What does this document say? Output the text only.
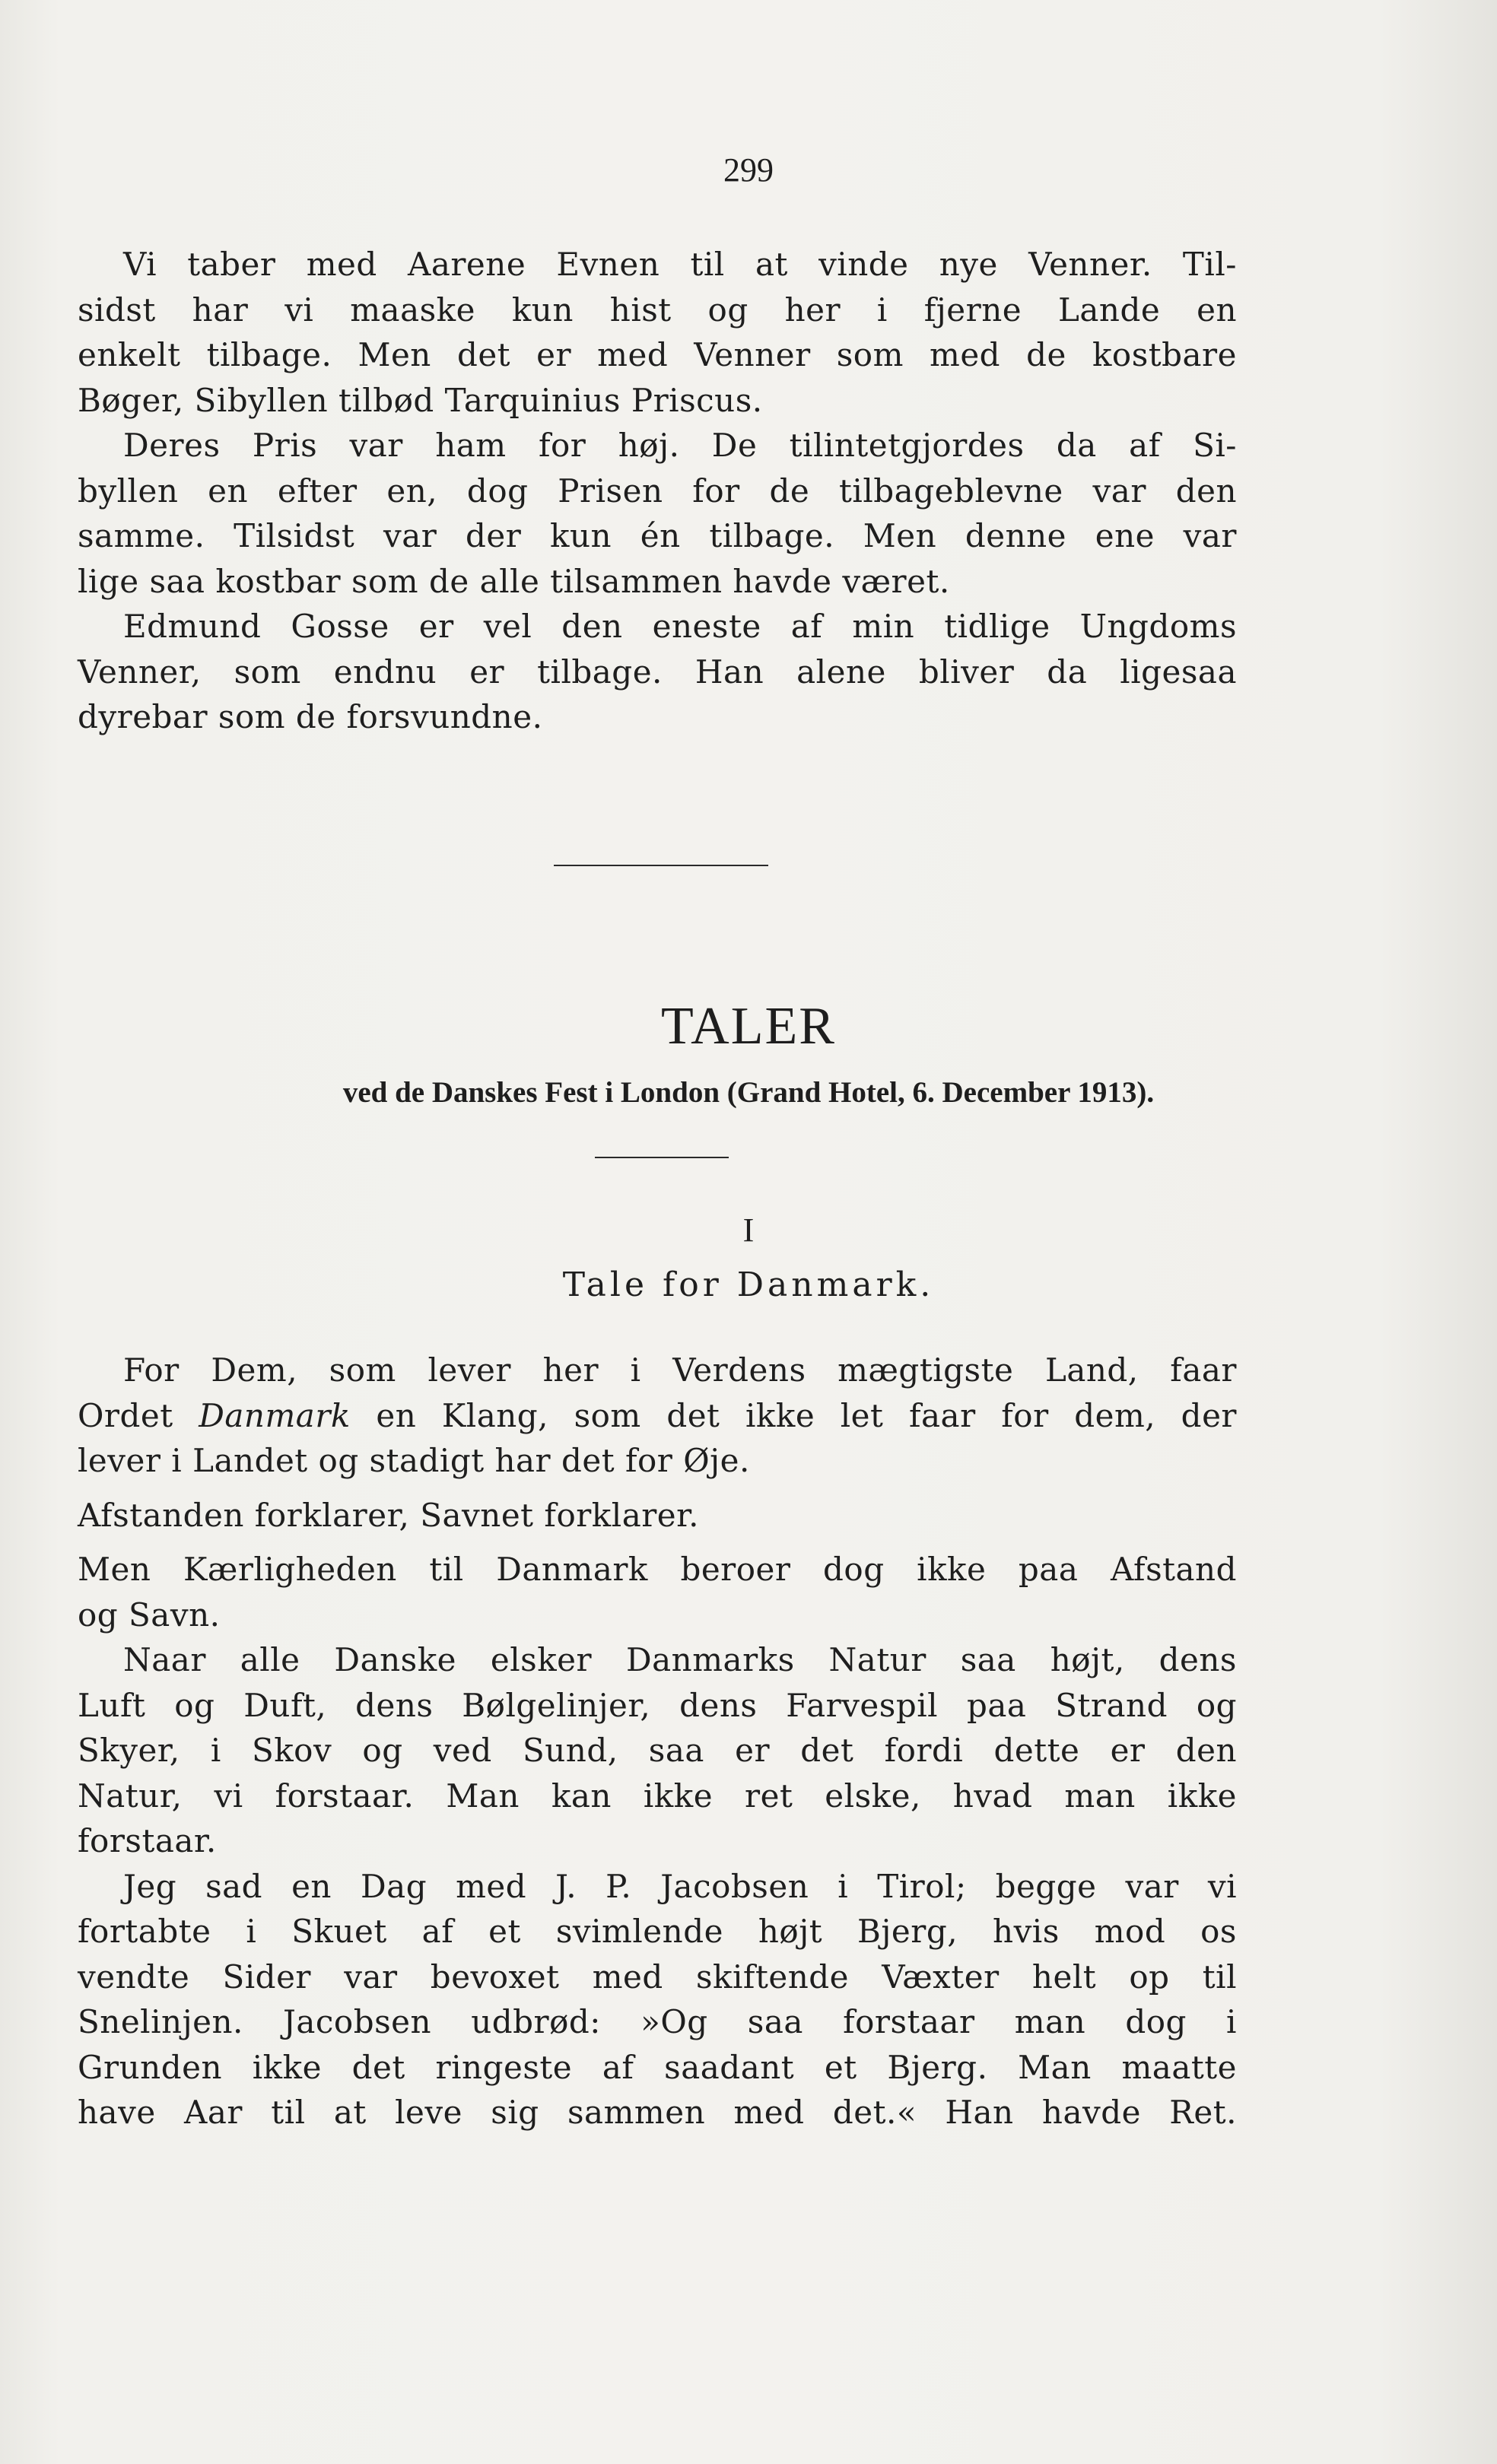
299
Vi taber med Aarene Evnen til at vinde nye Venner. Til-
sidst har vi maaske kun hist og her i fjerne Lande en
enkelt tilbage. Men det er med Venner som med de kostbare
Bøger, Sibyllen tilbød Tarquinius Priscus.
Deres Pris var ham for høj. De tilintetgjordes da af Si-
byllen en efter en, dog Prisen for de tilbageblevne var den
samme. Tilsidst var der kun én tilbage. Men denne ene var
lige saa kostbar som de alle tilsammen havde været.
Edmund Gosse er vel den eneste af min tidlige Ungdoms
Venner, som endnu er tilbage. Han alene bliver da ligesaa
dyrebar som de forsvundne.
TALER
ved de Danskes Fest i London (Grand Hotel, 6. December 1913).
I
Tale for Danmark.
For Dem, som lever her i Verdens mægtigste Land, faar
Ordet Danmark en Klang, som det ikke let faar for dem, der
lever i Landet og stadigt har det for Øje.
Afstanden forklarer, Savnet forklarer.
Men Kærligheden til Danmark beroer dog ikke paa Afstand
og Savn.
Naar alle Danske elsker Danmarks Natur saa højt, dens
Luft og Duft, dens Bølgelinjer, dens Farvespil paa Strand og
Skyer, i Skov og ved Sund, saa er det fordi dette er den
Natur, vi forstaar. Man kan ikke ret elske, hvad man ikke
forstaar.
Jeg sad en Dag med J. P. Jacobsen i Tirol; begge var vi
fortabte i Skuet af et svimlende højt Bjerg, hvis mod os
vendte Sider var bevoxet med skiftende Væxter helt op til
Snelinjen. Jacobsen udbrød: »Og saa forstaar man dog i
Grunden ikke det ringeste af saadant et Bjerg. Man maatte
have Aar til at leve sig sammen med det.« Han havde Ret.
